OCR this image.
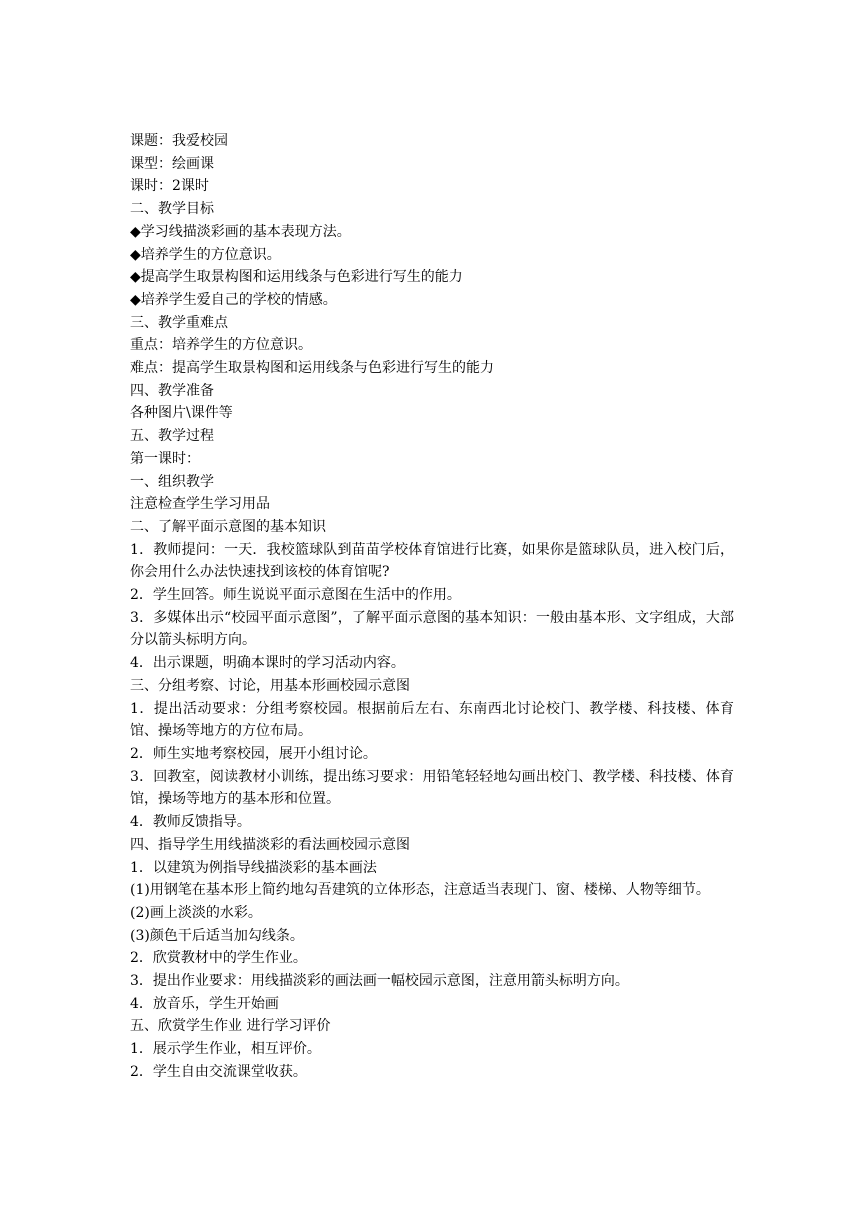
课题：我爱校园

课型：绘画课

课时：2课时

二、教学目标

◆学习线描淡彩画的基本表现方法。

◆培养学生的方位意识。

◆提高学生取景构图和运用线条与色彩进行写生的能力

◆培养学生爱自己的学校的情感。

三、教学重难点

重点：培养学生的方位意识。

难点：提高学生取景构图和运用线条与色彩进行写生的能力

四、教学准备

各种图片\课件等

五、教学过程

第一课时：

一、组织教学

注意检查学生学习用品

二、了解平面示意图的基本知识

1．教师提问：一天．我校篮球队到苗苗学校体育馆进行比赛，如果你是篮球队员，进入校门后，你会用什么办法快速找到该校的体育馆呢?

2．学生回答。师生说说平面示意图在生活中的作用。

3．多媒体出示“校园平面示意图”，了解平面示意图的基本知识：一般由基本形、文字组成，大部分以箭头标明方向。

4．出示课题，明确本课时的学习活动内容。

三、分组考察、讨论，用基本形画校园示意图

1．提出活动要求：分组考察校园。根据前后左右、东南西北讨论校门、教学楼、科技楼、体育馆、操场等地方的方位布局。

2．师生实地考察校园，展开小组讨论。

3．回教室，阅读教材小训练，提出练习要求：用铅笔轻轻地勾画出校门、教学楼、科技楼、体育馆，操场等地方的基本形和位置。

4．教师反馈指导。

四、指导学生用线描淡彩的看法画校园示意图

1．以建筑为例指导线描淡彩的基本画法

(1)用钢笔在基本形上简约地勾吾建筑的立体形态，注意适当表现门、窗、楼梯、人物等细节。

(2)画上淡淡的水彩。

(3)颜色干后适当加勾线条。

2．欣赏教材中的学生作业。

3．提出作业要求：用线描淡彩的画法画一幅校园示意图，注意用箭头标明方向。

4．放音乐，学生开始画

五、欣赏学生作业 进行学习评价

1．展示学生作业，相互评价。

2．学生自由交流课堂收获。
